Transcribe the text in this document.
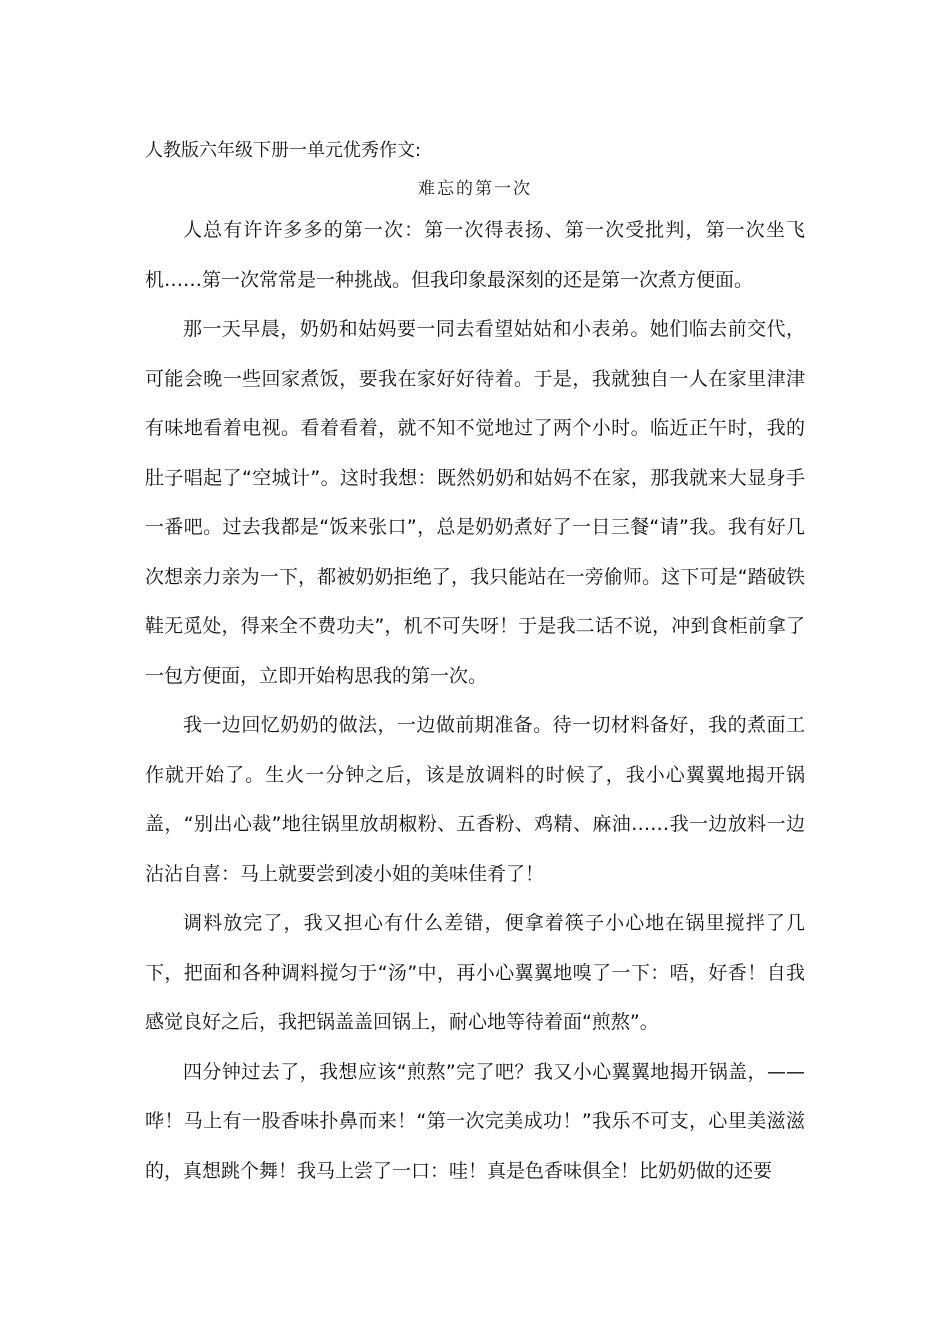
人教版六年级下册一单元优秀作文:
难忘的第一次

人总有许许多多的第一次：第一次得表扬、第一次受批判，第一次坐飞机……第一次常常是一种挑战。但我印象最深刻的还是第一次煮方便面。

那一天早晨，奶奶和姑妈要一同去看望姑姑和小表弟。她们临去前交代，可能会晚一些回家煮饭，要我在家好好待着。于是，我就独自一人在家里津津有味地看着电视。看着看着，就不知不觉地过了两个小时。临近正午时，我的肚子唱起了“空城计”。这时我想：既然奶奶和姑妈不在家，那我就来大显身手一番吧。过去我都是“饭来张口”，总是奶奶煮好了一日三餐“请”我。我有好几次想亲力亲为一下，都被奶奶拒绝了，我只能站在一旁偷师。这下可是“踏破铁鞋无觅处，得来全不费功夫”，机不可失呀！于是我二话不说，冲到食柜前拿了一包方便面，立即开始构思我的第一次。

我一边回忆奶奶的做法，一边做前期准备。待一切材料备好，我的煮面工作就开始了。生火一分钟之后，该是放调料的时候了，我小心翼翼地揭开锅盖，“别出心裁”地往锅里放胡椒粉、五香粉、鸡精、麻油……我一边放料一边沾沾自喜：马上就要尝到凌小姐的美味佳肴了！

调料放完了，我又担心有什么差错，便拿着筷子小心地在锅里搅拌了几下，把面和各种调料搅匀于“汤”中，再小心翼翼地嗅了一下：唔，好香！自我感觉良好之后，我把锅盖盖回锅上，耐心地等待着面“煎熬”。

四分钟过去了，我想应该“煎熬”完了吧？我又小心翼翼地揭开锅盖，——哗！马上有一股香味扑鼻而来！“第一次完美成功！”我乐不可支，心里美滋滋的，真想跳个舞！我马上尝了一口：哇！真是色香味俱全！比奶奶做的还要
